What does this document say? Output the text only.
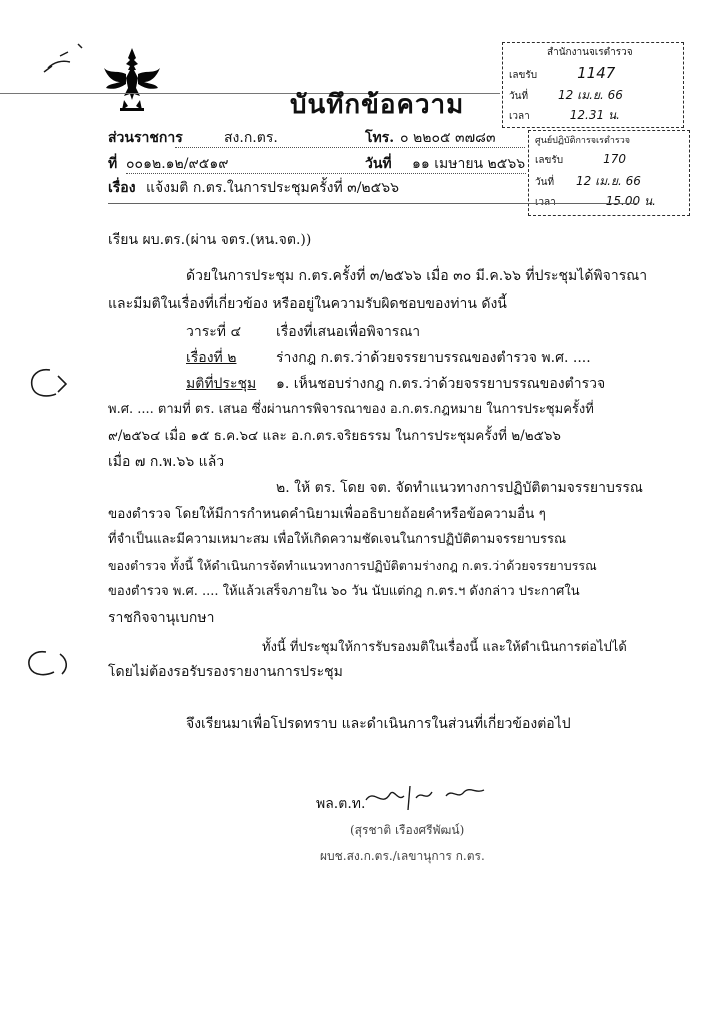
บันทึกข้อความ
สำนักงานจเรตำรวจ
เลขรับ	1147
วันที่	12 เม.ย. 66
เวลา	12.31 น.
ศูนย์ปฏิบัติการจเรตำรวจ
เลขรับ	170
วันที่ 12 เม.ย. 66
เวลา	15.00 น.
ส่วนราชการ	สง.ก.ตร.	โทร. ๐ ๒๒๐๕ ๓๗๘๓
ที่ ๐๐๑๒.๑๒/๙๕๑๙	วันที่ ๑๑ เมษายน ๒๕๖๖
เรื่อง แจ้งมติ ก.ตร.ในการประชุมครั้งที่ ๓/๒๕๖๖
เรียน ผบ.ตร.(ผ่าน จตร.(หน.จต.))
ด้วยในการประชุม ก.ตร.ครั้งที่ ๓/๒๕๖๖ เมื่อ ๓๐ มี.ค.๖๖ ที่ประชุมได้พิจารณา
และมีมติในเรื่องที่เกี่ยวข้อง หรืออยู่ในความรับผิดชอบของท่าน ดังนี้
วาระที่ ๔ เรื่องที่เสนอเพื่อพิจารณา
เรื่องที่ ๒	ร่างกฎ ก.ตร.ว่าด้วยจรรยาบรรณของตำรวจ พ.ศ. ....
มติที่ประชุม ๑. เห็นชอบร่างกฎ ก.ตร.ว่าด้วยจรรยาบรรณของตำรวจ
พ.ศ. .... ตามที่ ตร. เสนอ ซึ่งผ่านการพิจารณาของ อ.ก.ตร.กฎหมาย ในการประชุมครั้งที่
๙/๒๕๖๔ เมื่อ ๑๕ ธ.ค.๖๔ และ อ.ก.ตร.จริยธรรม ในการประชุมครั้งที่ ๒/๒๕๖๖
เมื่อ ๗ ก.พ.๖๖ แล้ว
๒. ให้ ตร. โดย จต. จัดทำแนวทางการปฏิบัติตามจรรยาบรรณ
ของตำรวจ โดยให้มีการกำหนดคำนิยามเพื่ออธิบายถ้อยคำหรือข้อความอื่น ๆ
ที่จำเป็นและมีความเหมาะสม เพื่อให้เกิดความชัดเจนในการปฏิบัติตามจรรยาบรรณ
ของตำรวจ ทั้งนี้ ให้ดำเนินการจัดทำแนวทางการปฏิบัติตามร่างกฎ ก.ตร.ว่าด้วยจรรยาบรรณ
ของตำรวจ พ.ศ. .... ให้แล้วเสร็จภายใน ๖๐ วัน นับแต่กฎ ก.ตร.ฯ ดังกล่าว ประกาศใน
ราชกิจจานุเบกษา
ทั้งนี้ ที่ประชุมให้การรับรองมติในเรื่องนี้ และให้ดำเนินการต่อไปได้
โดยไม่ต้องรอรับรองรายงานการประชุม
จึงเรียนมาเพื่อโปรดทราบ และดำเนินการในส่วนที่เกี่ยวข้องต่อไป
พล.ต.ท.
(สุรชาติ เรืองศรีพัฒน์)
ผบช.สง.ก.ตร./เลขานุการ ก.ตร.
